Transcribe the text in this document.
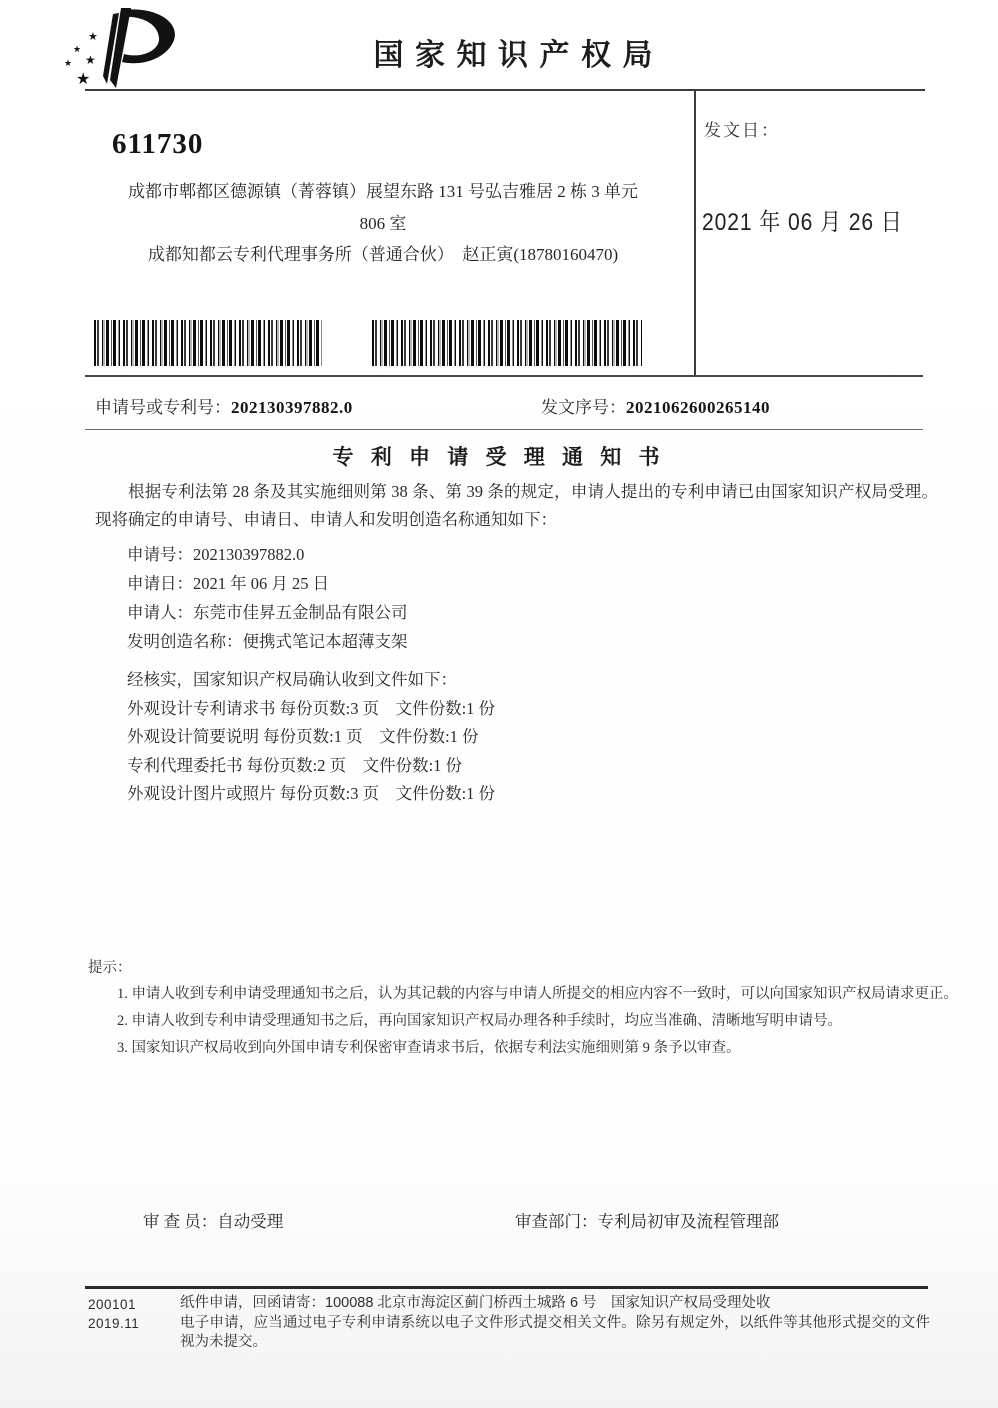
★
★
★
★
★
国 家 知 识 产 权 局
611730
成都市郫都区德源镇（菁蓉镇）展望东路 131 号弘吉雅居 2 栋 3 单元
806 室
成都知都云专利代理事务所（普通合伙）　赵正寅(18780160470)
发文日：
2021 年 06 月 26 日
申请号或专利号：202130397882.0	发文序号：2021062600265140
专 利 申 请 受 理 通 知 书

根据专利法第 28 条及其实施细则第 38 条、第 39 条的规定，申请人提出的专利申请已由国家知识产权局受理。现将确定的申请号、申请日、申请人和发明创造名称通知如下：

申请号：202130397882.0
申请日：2021 年 06 月 25 日
申请人：东莞市佳昇五金制品有限公司
发明创造名称：便携式笔记本超薄支架
经核实，国家知识产权局确认收到文件如下：
外观设计专利请求书 每份页数:3 页　文件份数:1 份
外观设计简要说明 每份页数:1 页　文件份数:1 份
专利代理委托书 每份页数:2 页　文件份数:1 份
外观设计图片或照片 每份页数:3 页　文件份数:1 份
提示：

1. 申请人收到专利申请受理通知书之后，认为其记载的内容与申请人所提交的相应内容不一致时，可以向国家知识产权局请求更正。

2. 申请人收到专利申请受理通知书之后，再向国家知识产权局办理各种手续时，均应当准确、清晰地写明申请号。

3. 国家知识产权局收到向外国申请专利保密审查请求书后，依据专利法实施细则第 9 条予以审查。

审 查 员：自动受理	审查部门：专利局初审及流程管理部
200101
2019.11

纸件申请，回函请寄：100088 北京市海淀区蓟门桥西土城路 6 号　国家知识产权局受理处收

电子申请，应当通过电子专利申请系统以电子文件形式提交相关文件。除另有规定外，以纸件等其他形式提交的文件视为未提交。
